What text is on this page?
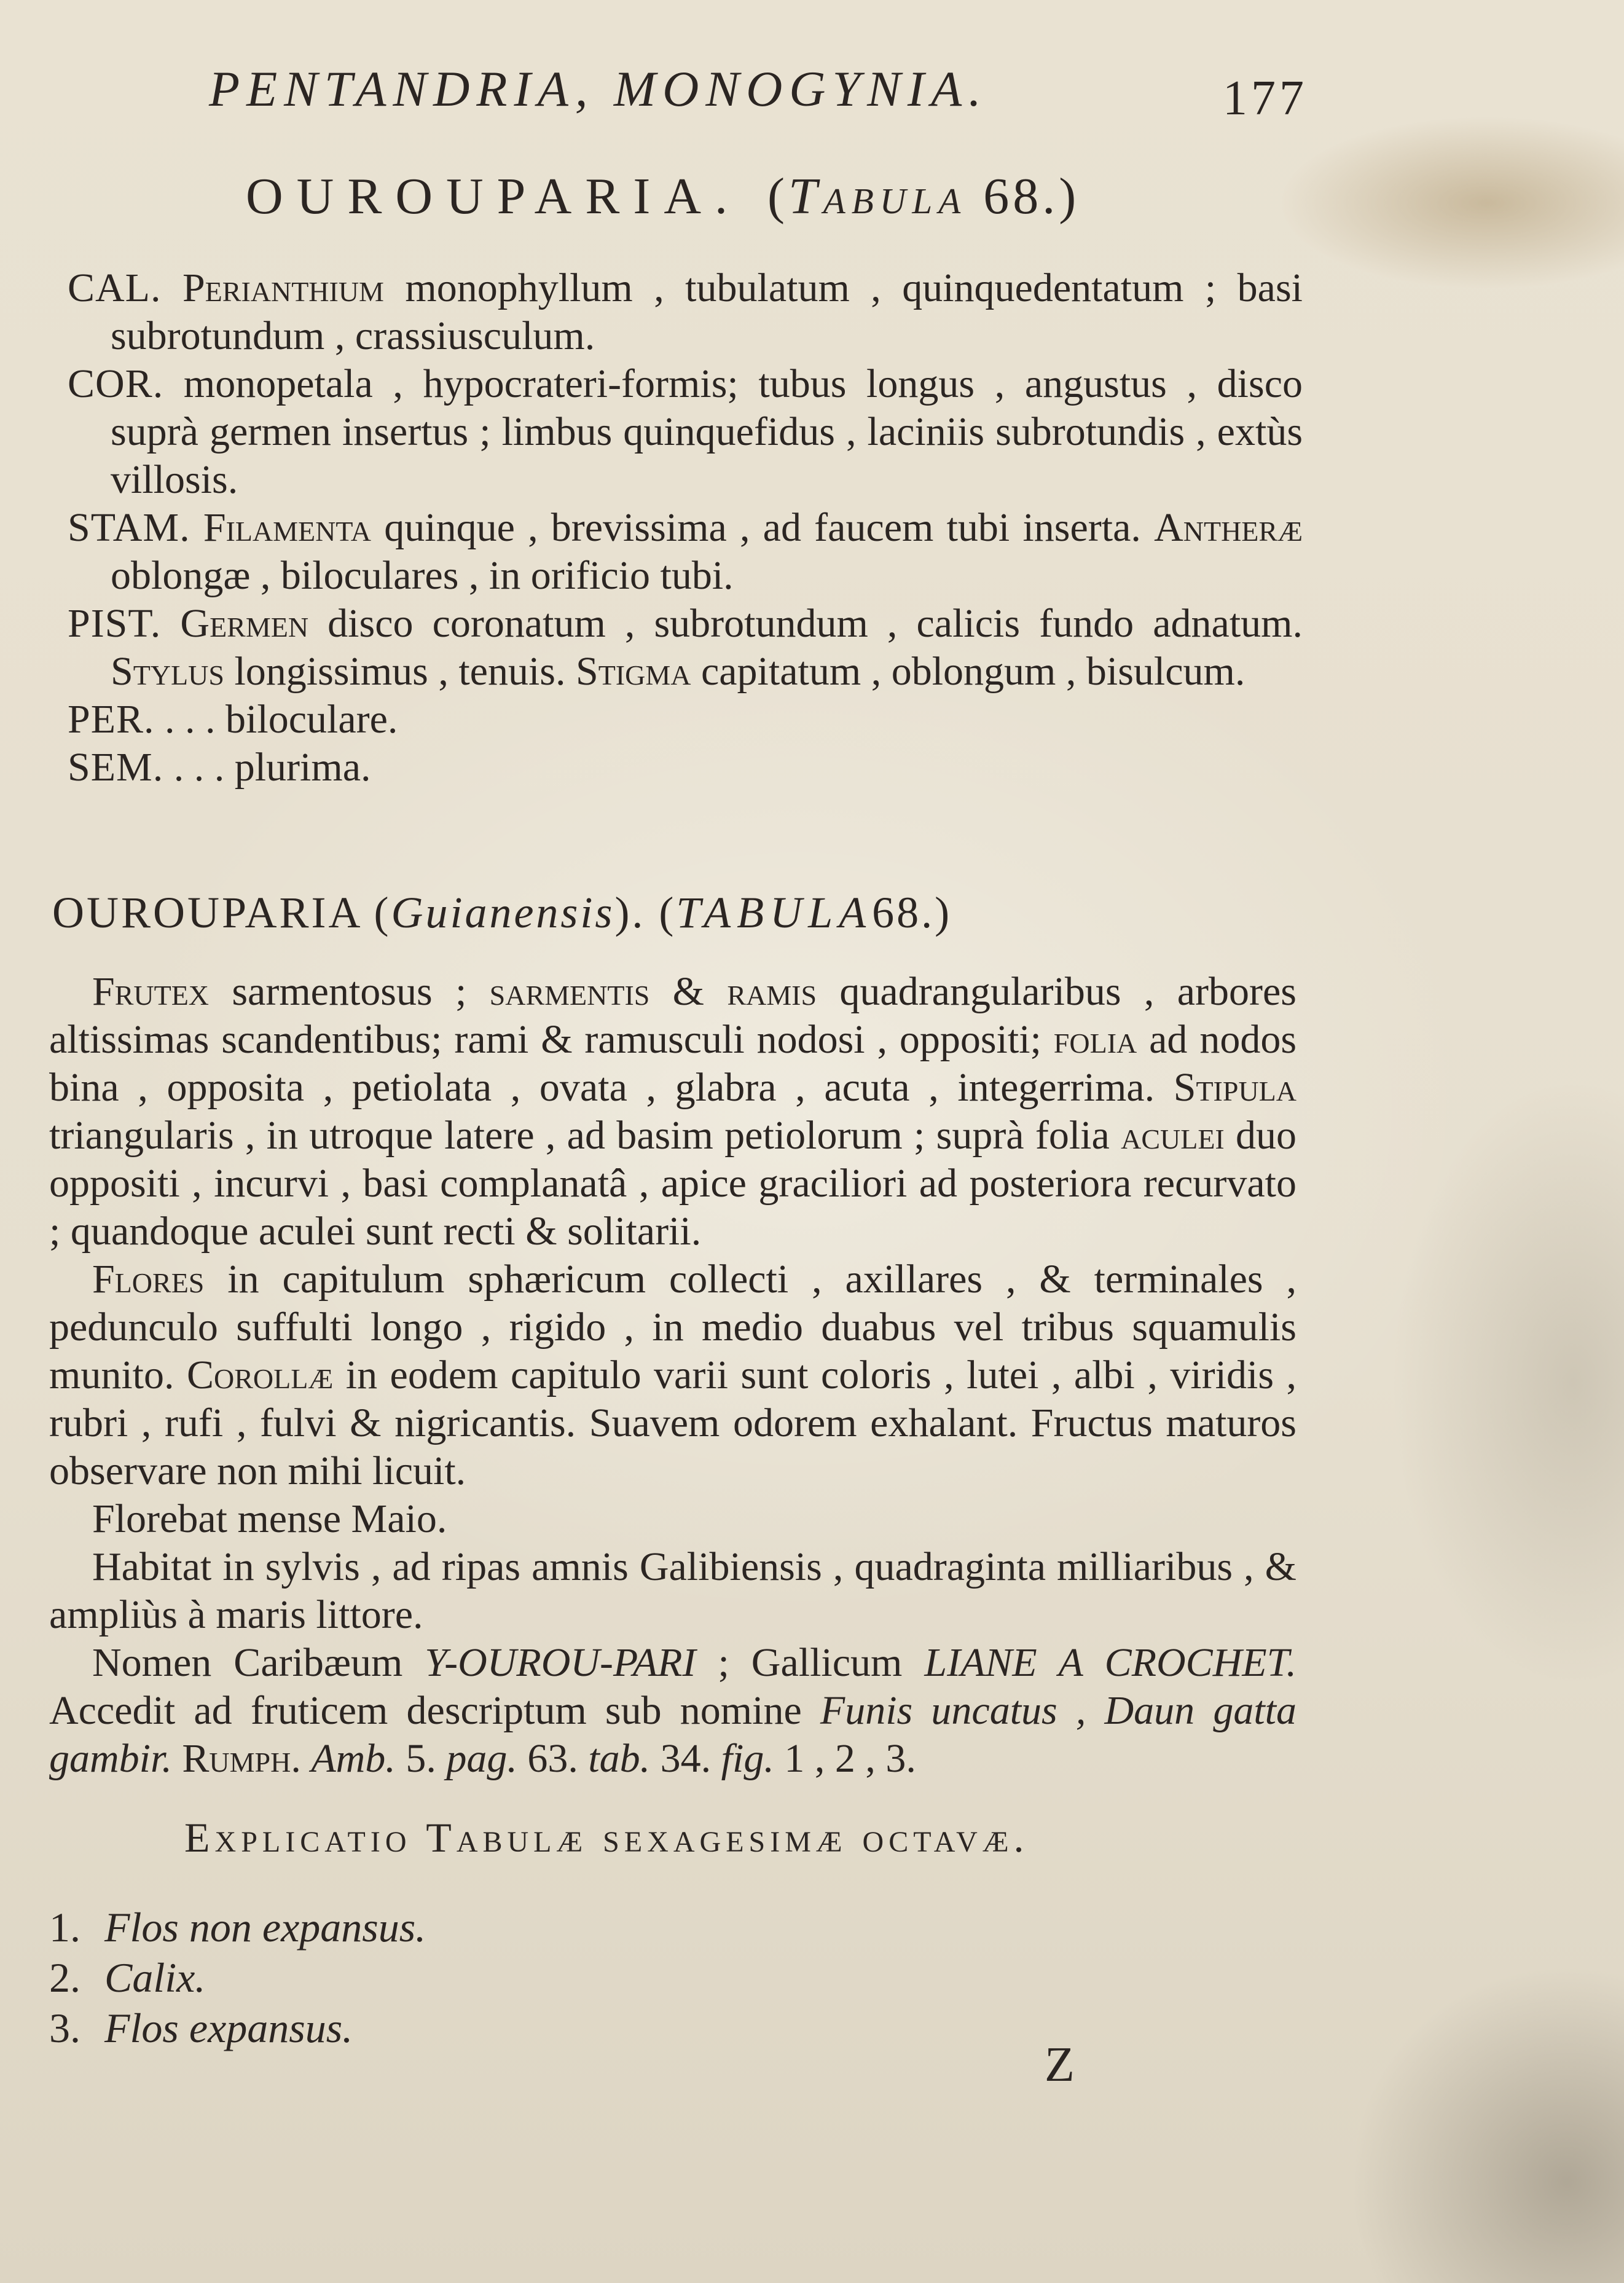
PENTANDRIA, MONOGYNIA.	177
OUROUPARIA. (Tabula 68.)

CAL. Perianthium monophyllum , tubulatum , quinquedentatum ; basi subrotundum , crassiusculum.

COR. monopetala , hypocrateri-formis; tubus longus , angustus , disco suprà germen insertus ; limbus quinquefidus , laciniis subrotundis , extùs villosis.

STAM. Filamenta quinque , brevissima , ad faucem tubi inserta. Antheræ oblongæ , biloculares , in orificio tubi.

PIST. Germen disco coronatum , subrotundum , calicis fundo adnatum. Stylus longissimus , tenuis. Stigma capitatum , oblongum , bisulcum.

PER. . . . biloculare.

SEM. . . . plurima.

OUROUPARIA (Guianensis). (TABULA68.)

Frutex sarmentosus ; sarmentis & ramis quadrangularibus , arbores altissimas scandentibus; rami & ramusculi nodosi , oppositi; folia ad nodos bina , opposita , petiolata , ovata , glabra , acuta , integerrima. Stipula triangularis , in utroque latere , ad basim petiolorum ; suprà folia aculei duo oppositi , incurvi , basi complanatâ , apice graciliori ad posteriora recurvato ; quandoque aculei sunt recti & solitarii.

Flores in capitulum sphæricum collecti , axillares , & terminales , pedunculo suffulti longo , rigido , in medio duabus vel tribus squamulis munito. Corollæ in eodem capitulo varii sunt coloris , lutei , albi , viridis , rubri , rufi , fulvi & nigricantis. Suavem odorem exhalant. Fructus maturos observare non mihi licuit.

Florebat mense Maio.

Habitat in sylvis , ad ripas amnis Galibiensis , quadraginta milliaribus , & ampliùs à maris littore.

Nomen Caribæum Y-OUROU-PARI ; Gallicum LIANE A CROCHET. Accedit ad fruticem descriptum sub nomine Funis uncatus , Daun gatta gambir. Rumph. Amb. 5. pag. 63. tab. 34. fig. 1 , 2 , 3.

Explicatio Tabulæ sexagesimæ octavæ.
1. Flos non expansus.
2. Calix.
3. Flos expansus.
Z
